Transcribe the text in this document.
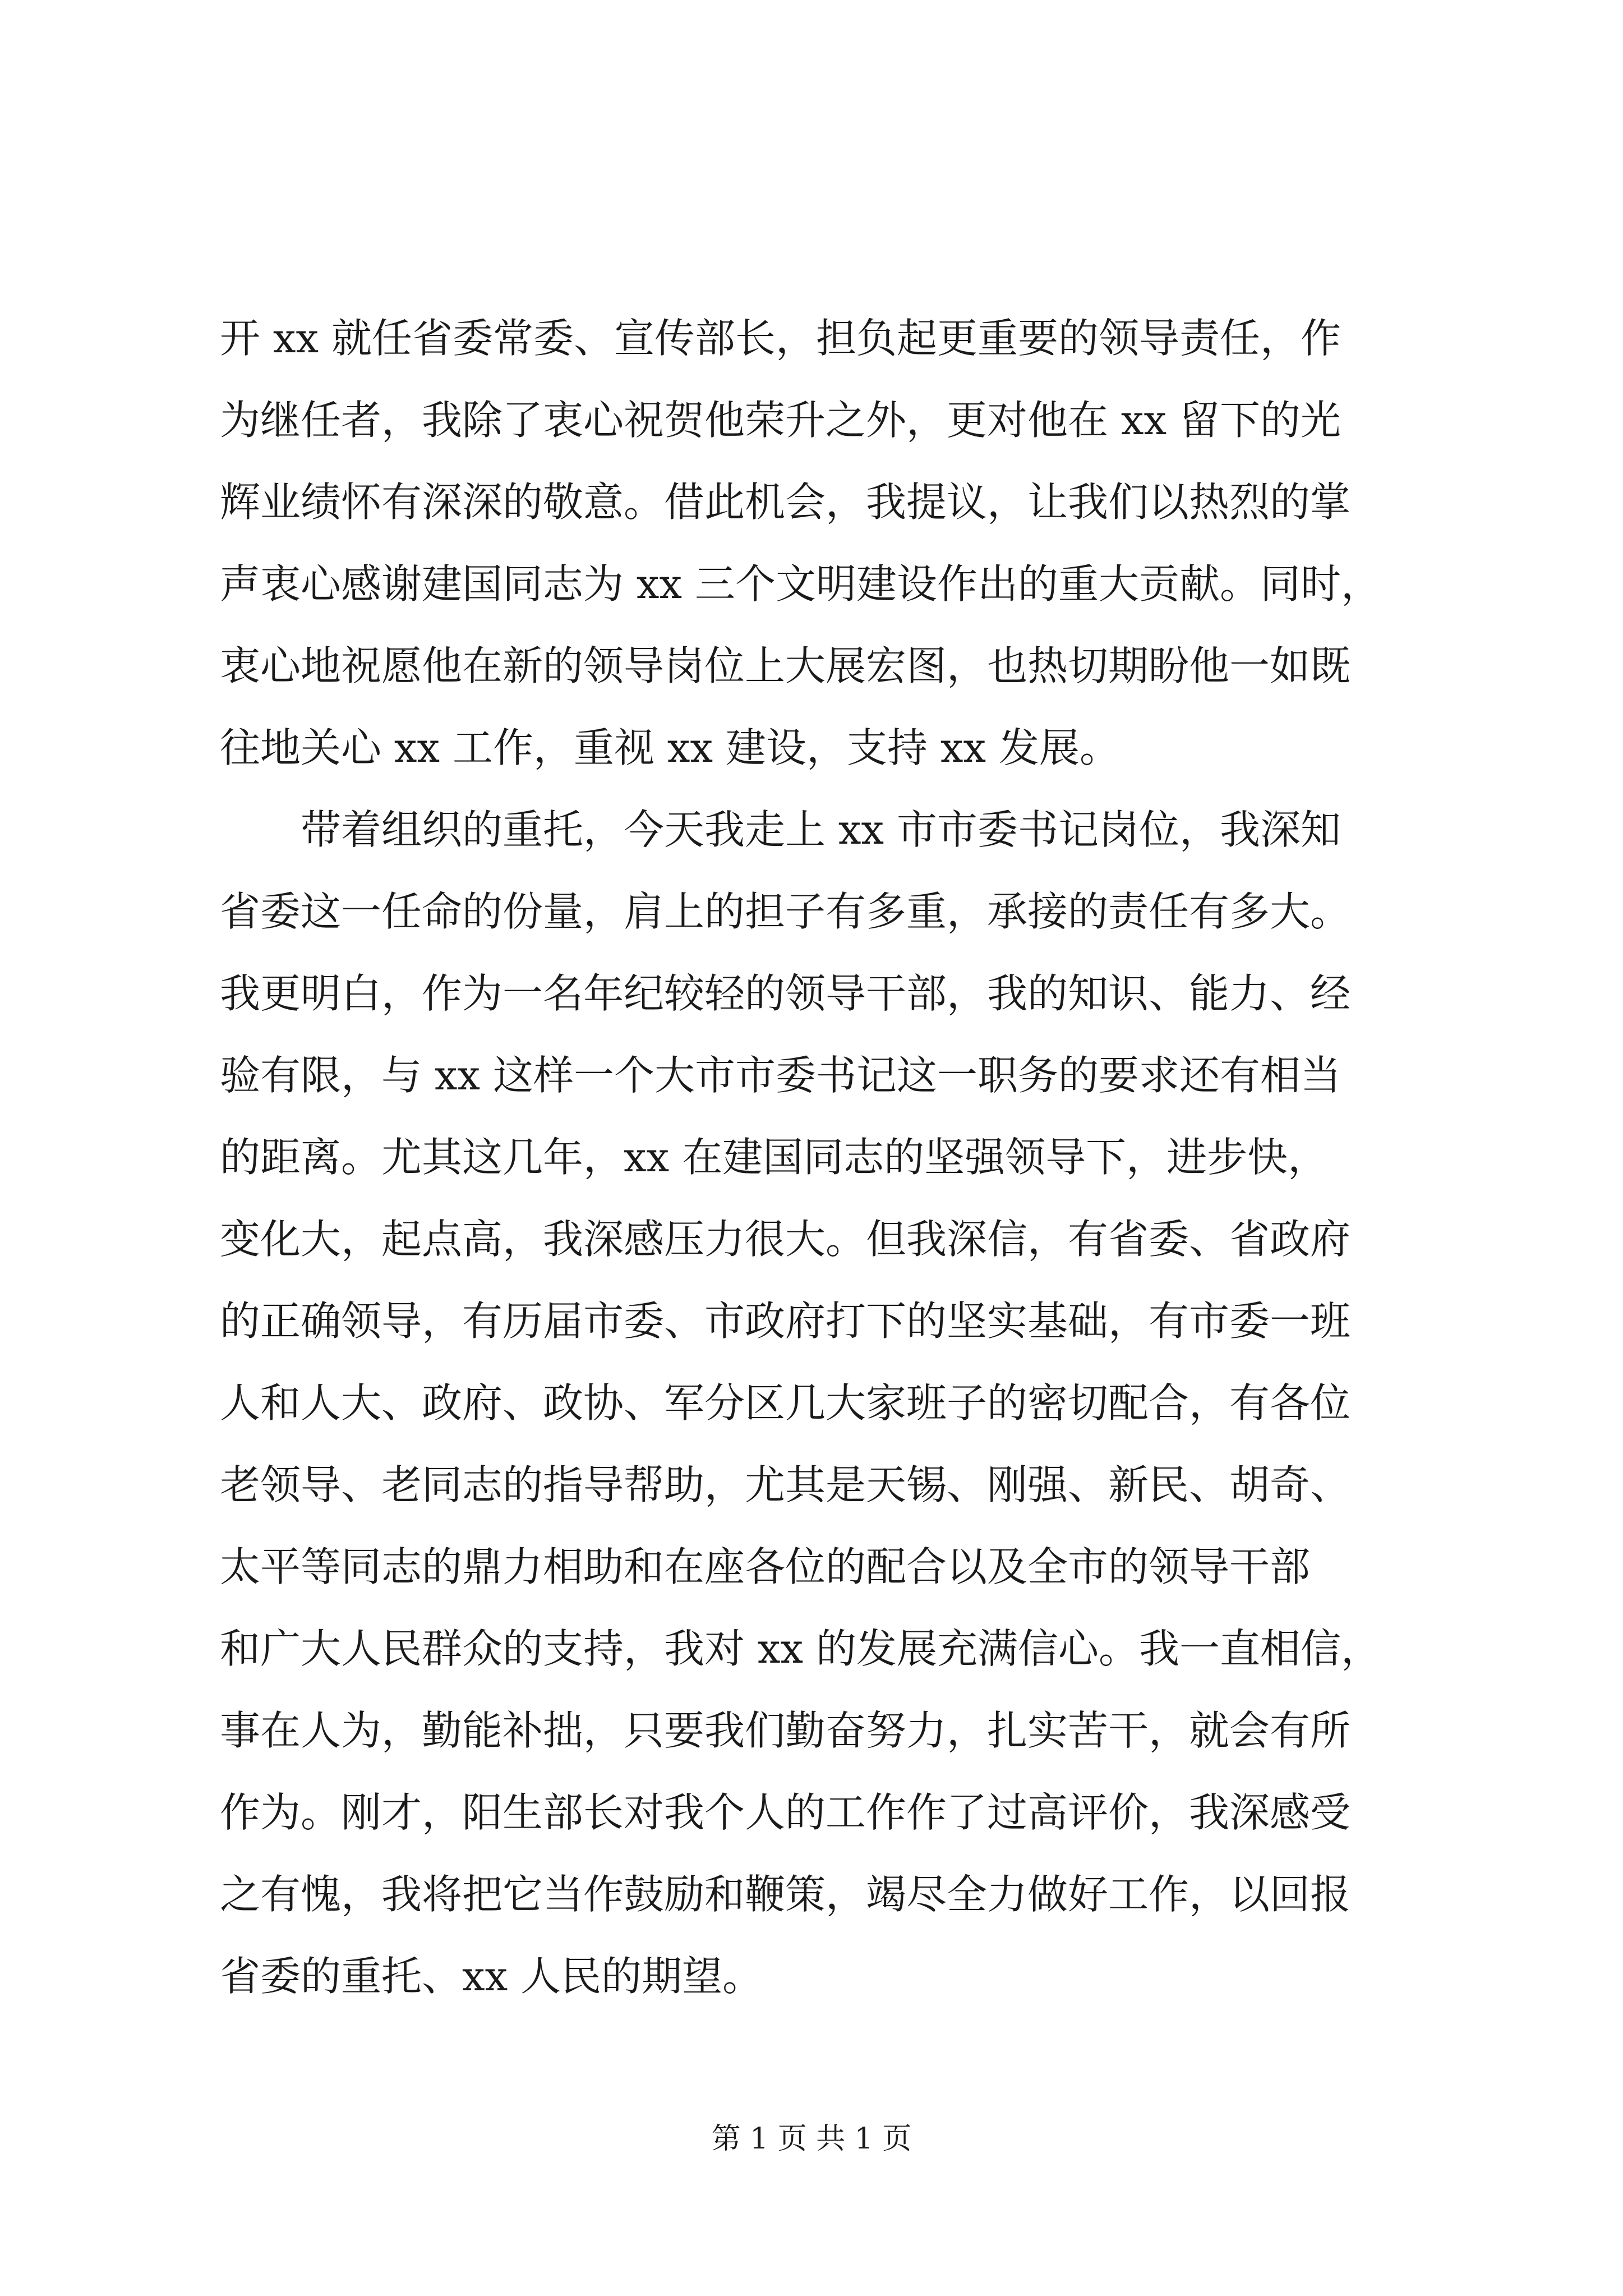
开 xx 就任省委常委、宣传部长，担负起更重要的领导责任，作
为继任者，我除了衷心祝贺他荣升之外，更对他在 xx 留下的光
辉业绩怀有深深的敬意。借此机会，我提议，让我们以热烈的掌
声衷心感谢建国同志为 xx 三个文明建设作出的重大贡献。同时，
衷心地祝愿他在新的领导岗位上大展宏图，也热切期盼他一如既
往地关心 xx 工作，重视 xx 建设，支持 xx 发展。
带着组织的重托，今天我走上 xx 市市委书记岗位，我深知
省委这一任命的份量，肩上的担子有多重，承接的责任有多大。
我更明白，作为一名年纪较轻的领导干部，我的知识、能力、经
验有限，与 xx 这样一个大市市委书记这一职务的要求还有相当
的距离。尤其这几年，xx 在建国同志的坚强领导下，进步快，
变化大，起点高，我深感压力很大。但我深信，有省委、省政府
的正确领导，有历届市委、市政府打下的坚实基础，有市委一班
人和人大、政府、政协、军分区几大家班子的密切配合，有各位
老领导、老同志的指导帮助，尤其是天锡、刚强、新民、胡奇、
太平等同志的鼎力相助和在座各位的配合以及全市的领导干部
和广大人民群众的支持，我对 xx 的发展充满信心。我一直相信，
事在人为，勤能补拙，只要我们勤奋努力，扎实苦干，就会有所
作为。刚才，阳生部长对我个人的工作作了过高评价，我深感受
之有愧，我将把它当作鼓励和鞭策，竭尽全力做好工作，以回报
省委的重托、xx 人民的期望。
第 1 页 共 1 页
